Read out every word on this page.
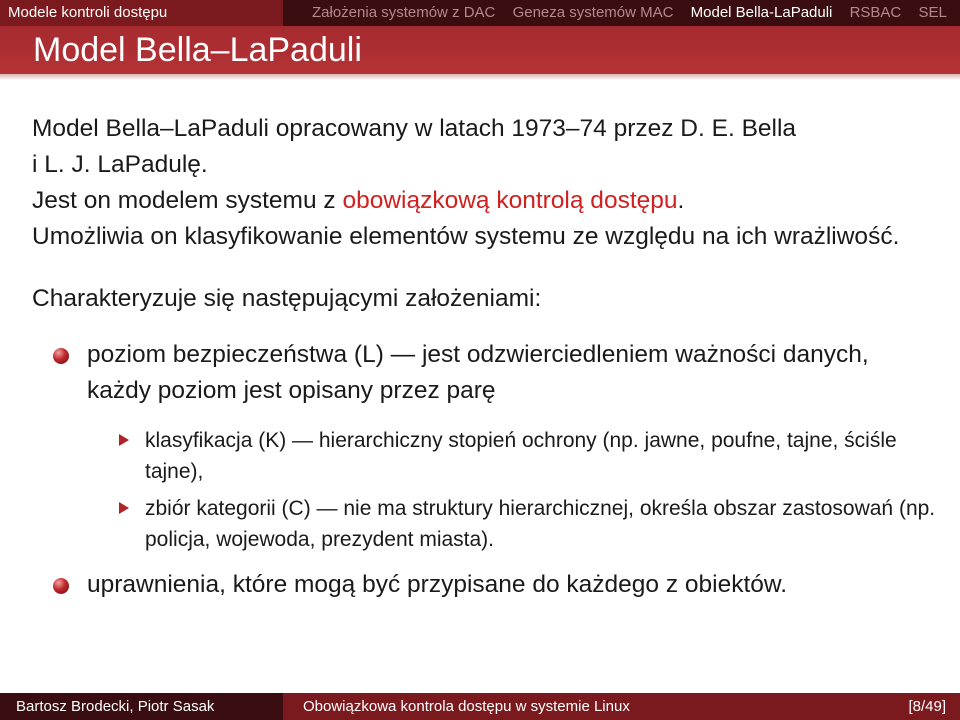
Modele kontroli dostępu	Założenia systemów z DAC Geneza systemów MAC Model Bella-LaPaduli RSBAC SEL
Model Bella–LaPaduli

Model Bella–LaPaduli opracowany w latach 1973–74 przez D. E. Bella
i L. J. LaPadulę.

Jest on modelem systemu z obowiązkową kontrolą dostępu.

Umożliwia on klasyfikowanie elementów systemu ze względu na ich wrażliwość.

Charakteryzuje się następującymi założeniami:

poziom bezpieczeństwa (L) — jest odzwierciedleniem ważności danych, każdy poziom jest opisany przez parę
klasyfikacja (K) — hierarchiczny stopień ochrony (np. jawne, poufne, tajne, ściśle tajne),
zbiór kategorii (C) — nie ma struktury hierarchicznej, określa obszar zastosowań (np. policja, wojewoda, prezydent miasta).
uprawnienia, które mogą być przypisane do każdego z obiektów.
Bartosz Brodecki, Piotr Sasak	Obowiązkowa kontrola dostępu w systemie Linux	[8/49]
